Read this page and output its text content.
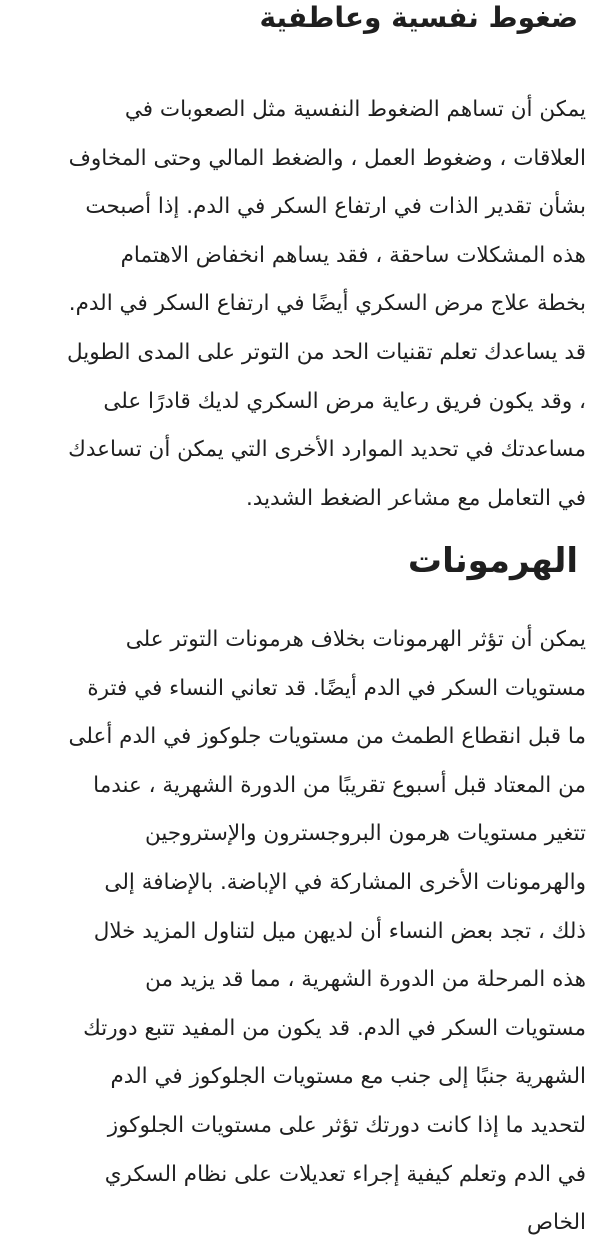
ضغوط نفسية وعاطفية
يمكن أن تساهم الضغوط النفسية مثل الصعوبات في
العلاقات ، وضغوط العمل ، والضغط المالي وحتى المخاوف
بشأن تقدير الذات في ارتفاع السكر في الدم. إذا أصبحت
هذه المشكلات ساحقة ، فقد يساهم انخفاض الاهتمام
بخطة علاج مرض السكري أيضًا في ارتفاع السكر في الدم.
قد يساعدك تعلم تقنيات الحد من التوتر على المدى الطويل
، وقد يكون فريق رعاية مرض السكري لديك قادرًا على
مساعدتك في تحديد الموارد الأخرى التي يمكن أن تساعدك
في التعامل مع مشاعر الضغط الشديد.
الهرمونات
يمكن أن تؤثر الهرمونات بخلاف هرمونات التوتر على
مستويات السكر في الدم أيضًا. قد تعاني النساء في فترة
ما قبل انقطاع الطمث من مستويات جلوكوز في الدم أعلى
من المعتاد قبل أسبوع تقريبًا من الدورة الشهرية ، عندما
تتغير مستويات هرمون البروجسترون والإستروجين
والهرمونات الأخرى المشاركة في الإباضة. بالإضافة إلى
ذلك ، تجد بعض النساء أن لديهن ميل لتناول المزيد خلال
هذه المرحلة من الدورة الشهرية ، مما قد يزيد من
مستويات السكر في الدم. قد يكون من المفيد تتبع دورتك
الشهرية جنبًا إلى جنب مع مستويات الجلوكوز في الدم
لتحديد ما إذا كانت دورتك تؤثر على مستويات الجلوكوز
في الدم وتعلم كيفية إجراء تعديلات على نظام السكري
الخاص
